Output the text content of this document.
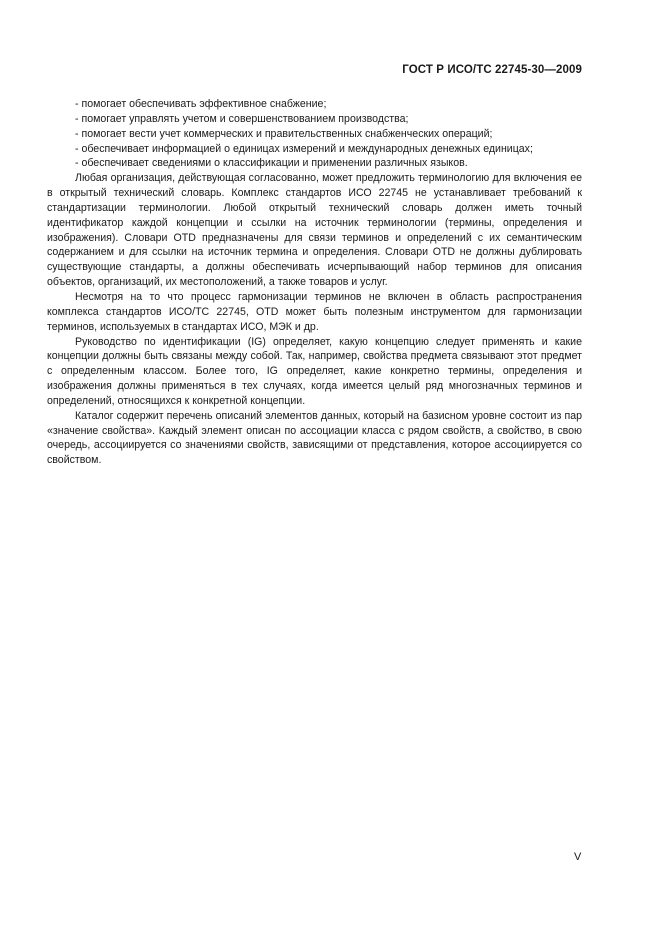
ГОСТ Р ИСО/ТС 22745-30—2009
- помогает обеспечивать эффективное снабжение;
- помогает управлять учетом и совершенствованием производства;
- помогает вести учет коммерческих и правительственных снабженческих операций;
- обеспечивает информацией о единицах измерений и международных денежных единицах;
- обеспечивает сведениями о классификации и применении различных языков.

Любая организация, действующая согласованно, может предложить терминологию для включения ее в открытый технический словарь. Комплекс стандартов ИСО 22745 не устанавливает требований к стандартизации терминологии. Любой открытый технический словарь должен иметь точный идентификатор каждой концепции и ссылки на источник терминологии (термины, определения и изображения). Словари OTD предназначены для связи терминов и определений с их семантическим содержанием и для ссылки на источник термина и определения. Словари OTD не должны дублировать существующие стандарты, а должны обеспечивать исчерпывающий набор терминов для описания объектов, организаций, их местоположений, а также товаров и услуг.

Несмотря на то что процесс гармонизации терминов не включен в область распространения комплекса стандартов ИСО/ТС 22745, OTD может быть полезным инструментом для гармонизации терминов, используемых в стандартах ИСО, МЭК и др.

Руководство по идентификации (IG) определяет, какую концепцию следует применять и какие концепции должны быть связаны между собой. Так, например, свойства предмета связывают этот предмет с определенным классом. Более того, IG определяет, какие конкретно термины, определения и изображения должны применяться в тех случаях, когда имеется целый ряд многозначных терминов и определений, относящихся к конкретной концепции.

Каталог содержит перечень описаний элементов данных, который на базисном уровне состоит из пар «значение свойства». Каждый элемент описан по ассоциации класса с рядом свойств, а свойство, в свою очередь, ассоциируется со значениями свойств, зависящими от представления, которое ассоциируется со свойством.

V
